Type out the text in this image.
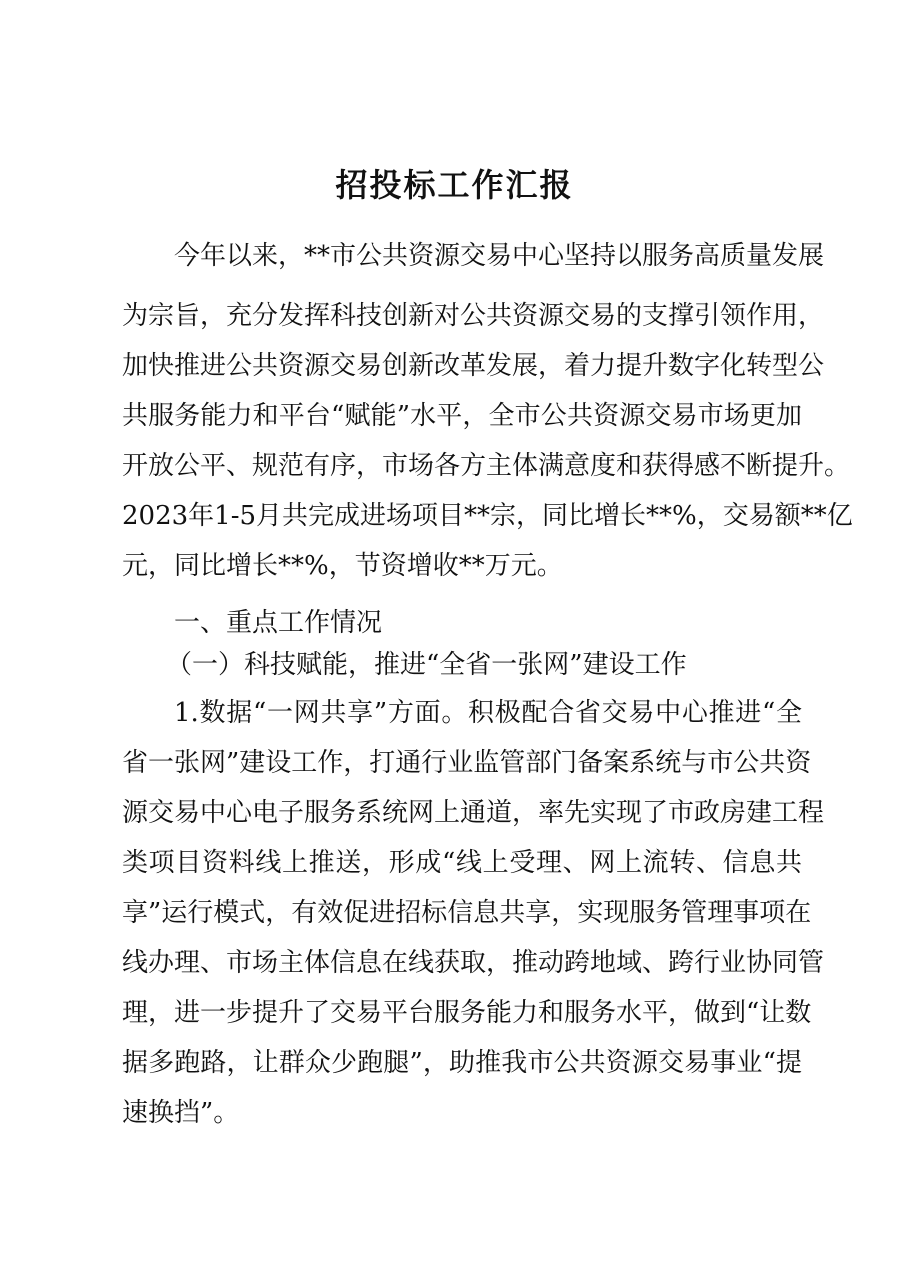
招投标工作汇报
今年以来，**市公共资源交易中心坚持以服务高质量发展
为宗旨，充分发挥科技创新对公共资源交易的支撑引领作用，
加快推进公共资源交易创新改革发展，着力提升数字化转型公
共服务能力和平台“赋能”水平，全市公共资源交易市场更加
开放公平、规范有序，市场各方主体满意度和获得感不断提升。
2023年1-5月共完成进场项目**宗，同比增长**%，交易额**亿
元，同比增长**%，节资增收**万元。
一、重点工作情况
（一）科技赋能，推进“全省一张网”建设工作
1.数据“一网共享”方面。积极配合省交易中心推进“全
省一张网”建设工作，打通行业监管部门备案系统与市公共资
源交易中心电子服务系统网上通道，率先实现了市政房建工程
类项目资料线上推送，形成“线上受理、网上流转、信息共
享”运行模式，有效促进招标信息共享，实现服务管理事项在
线办理、市场主体信息在线获取，推动跨地域、跨行业协同管
理，进一步提升了交易平台服务能力和服务水平，做到“让数
据多跑路，让群众少跑腿”，助推我市公共资源交易事业“提
速换挡”。
